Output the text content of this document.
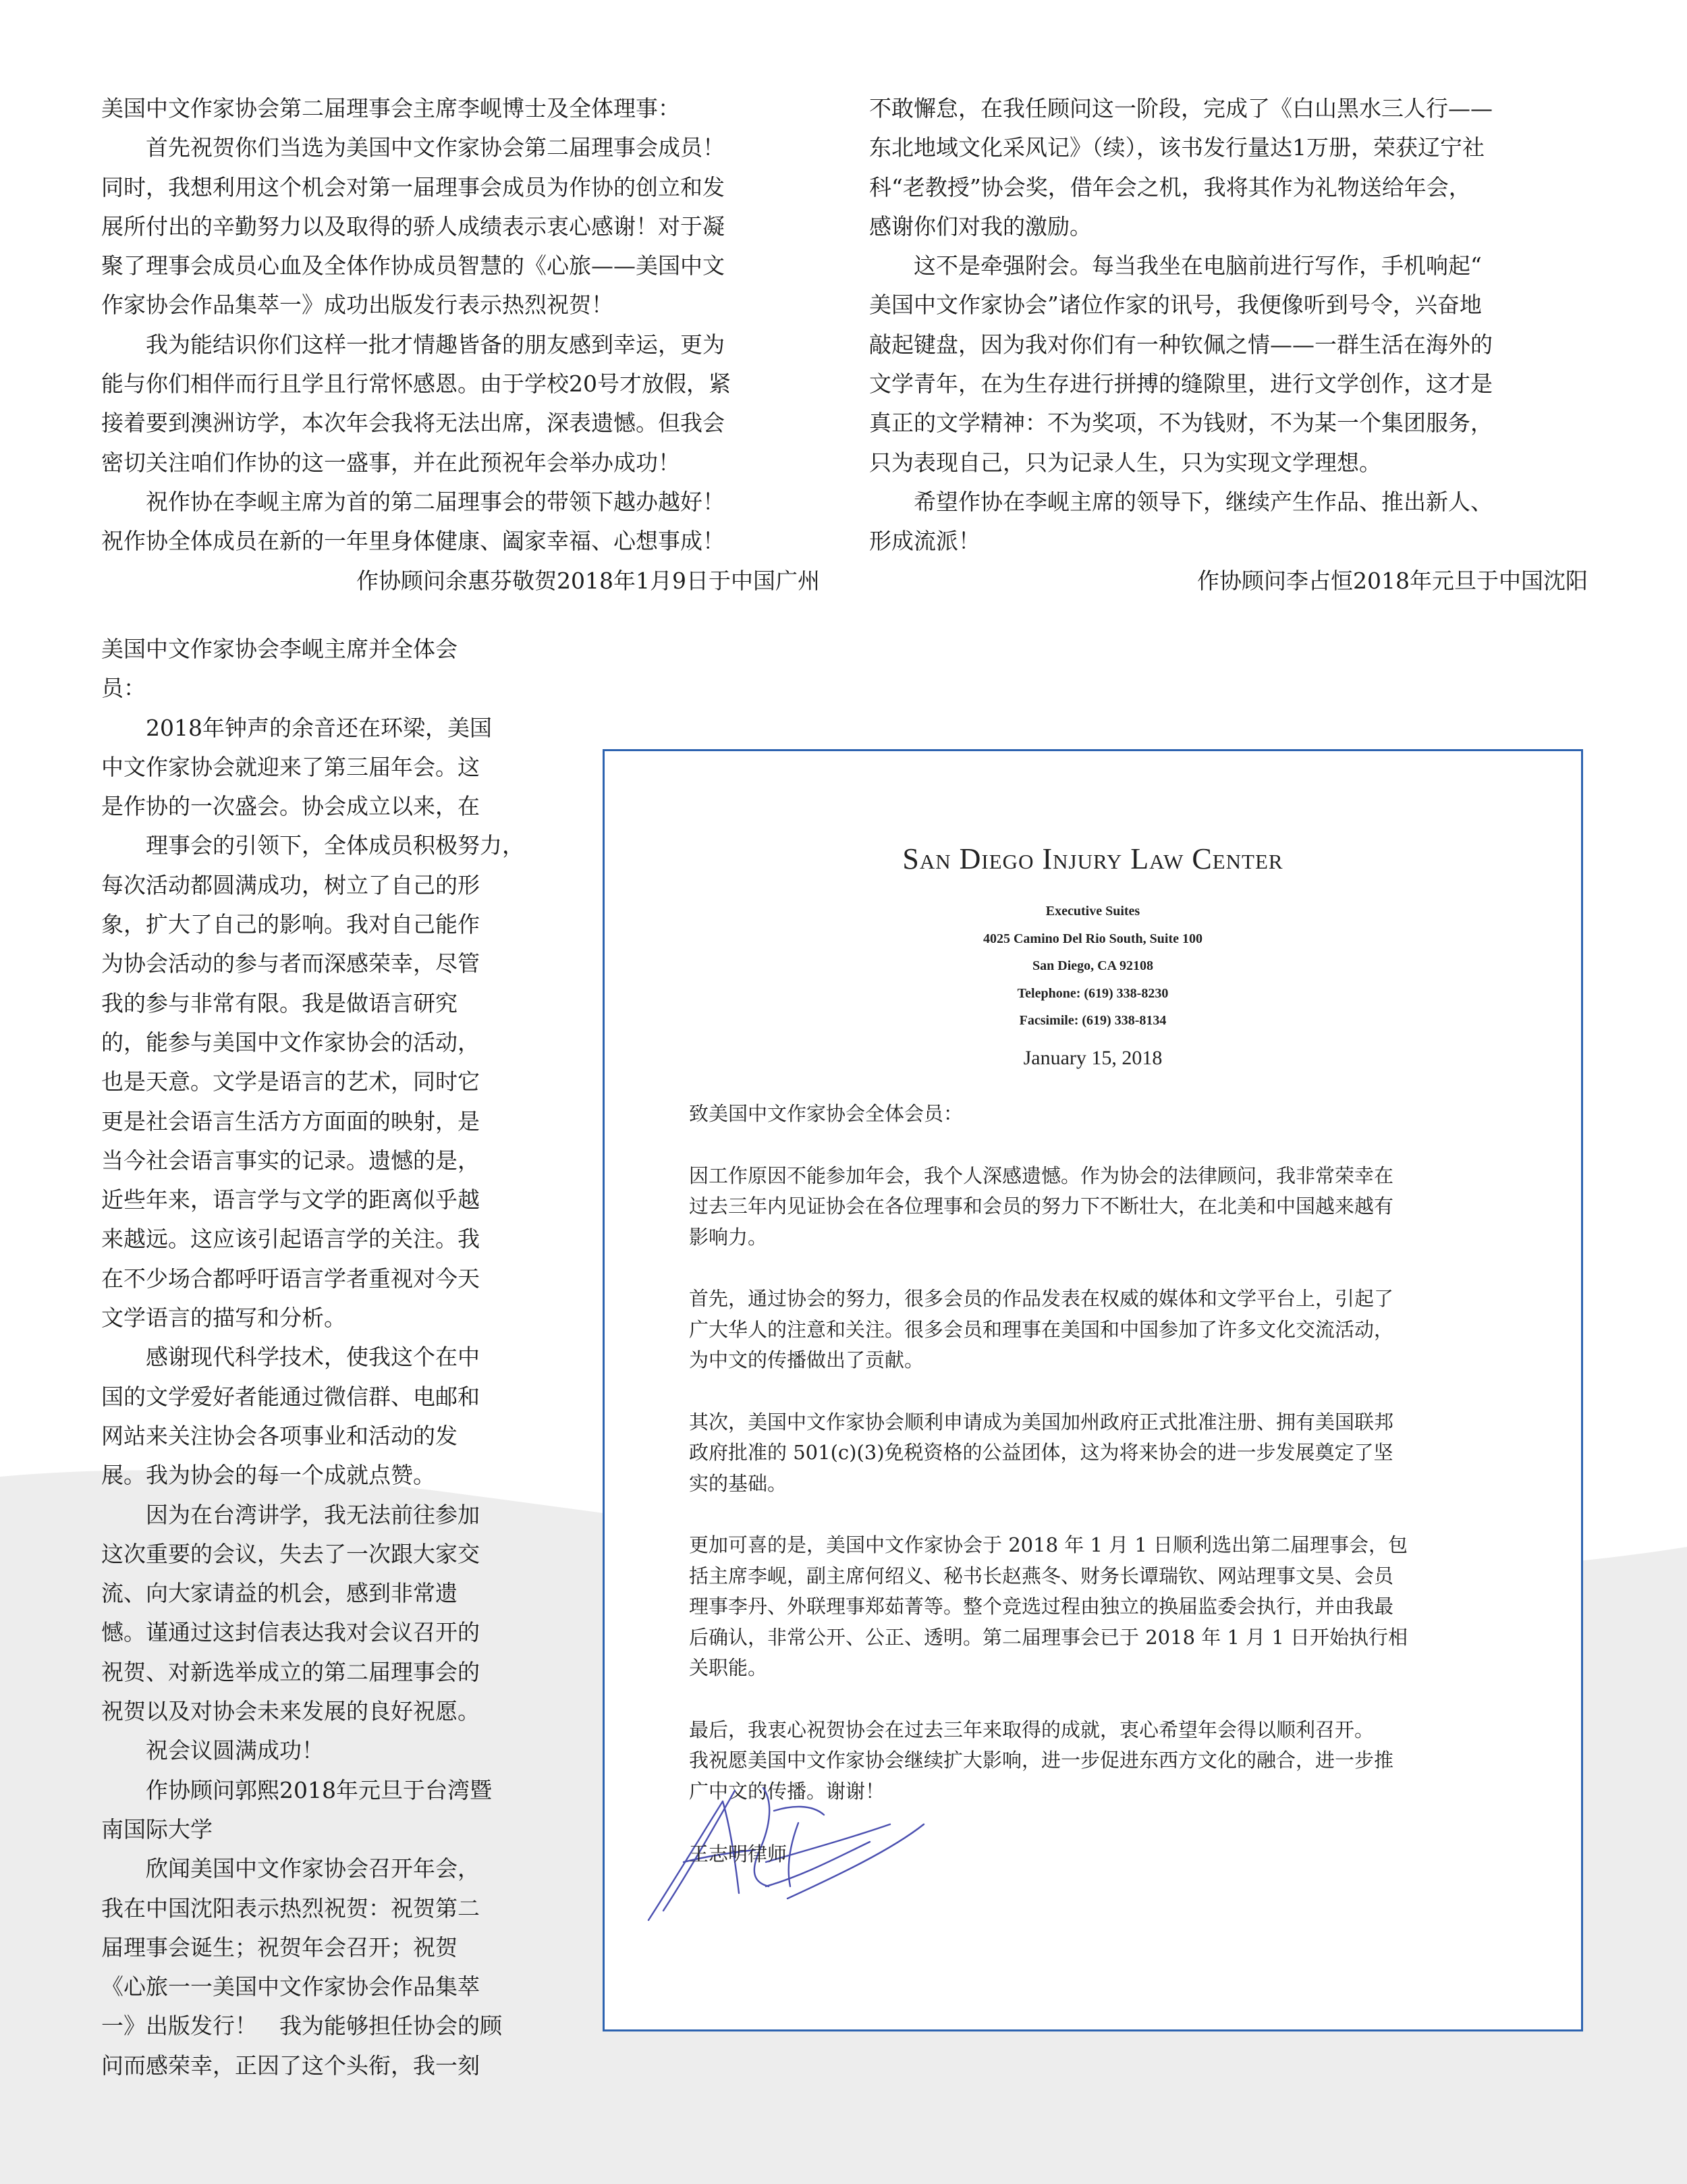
美国中文作家协会第二届理事会主席李岘博士及全体理事：

首先祝贺你们当选为美国中文作家协会第二届理事会成员！

同时，我想利用这个机会对第一届理事会成员为作协的创立和发

展所付出的辛勤努力以及取得的骄人成绩表示衷心感谢！对于凝

聚了理事会成员心血及全体作协成员智慧的《心旅——美国中文

作家协会作品集萃一》成功出版发行表示热烈祝贺！

我为能结识你们这样一批才情趣皆备的朋友感到幸运，更为

能与你们相伴而行且学且行常怀感恩。由于学校20号才放假，紧

接着要到澳洲访学，本次年会我将无法出席，深表遗憾。但我会

密切关注咱们作协的这一盛事，并在此预祝年会举办成功！

祝作协在李岘主席为首的第二届理事会的带领下越办越好！

祝作协全体成员在新的一年里身体健康、阖家幸福、心想事成！

作协顾问余惠芬敬贺2018年1月9日于中国广州

不敢懈怠，在我任顾问这一阶段，完成了《白山黑水三人行——

东北地域文化采风记》（续），该书发行量达1万册，荣获辽宁社

科“老教授”协会奖，借年会之机，我将其作为礼物送给年会，

感谢你们对我的激励。

这不是牵强附会。每当我坐在电脑前进行写作，手机响起“

美国中文作家协会”诸位作家的讯号，我便像听到号令，兴奋地

敲起键盘，因为我对你们有一种钦佩之情——一群生活在海外的

文学青年，在为生存进行拼搏的缝隙里，进行文学创作，这才是

真正的文学精神：不为奖项，不为钱财，不为某一个集团服务，

只为表现自己，只为记录人生，只为实现文学理想。

希望作协在李岘主席的领导下，继续产生作品、推出新人、

形成流派！

作协顾问李占恒2018年元旦于中国沈阳

美国中文作家协会李岘主席并全体会

员：

2018年钟声的余音还在环梁，美国

中文作家协会就迎来了第三届年会。这

是作协的一次盛会。协会成立以来，在

理事会的引领下，全体成员积极努力，

每次活动都圆满成功，树立了自己的形

象，扩大了自己的影响。我对自己能作

为协会活动的参与者而深感荣幸，尽管

我的参与非常有限。我是做语言研究

的，能参与美国中文作家协会的活动，

也是天意。文学是语言的艺术，同时它

更是社会语言生活方方面面的映射，是

当今社会语言事实的记录。遗憾的是，

近些年来，语言学与文学的距离似乎越

来越远。这应该引起语言学的关注。我

在不少场合都呼吁语言学者重视对今天

文学语言的描写和分析。

感谢现代科学技术，使我这个在中

国的文学爱好者能通过微信群、电邮和

网站来关注协会各项事业和活动的发

展。我为协会的每一个成就点赞。

因为在台湾讲学，我无法前往参加

这次重要的会议，失去了一次跟大家交

流、向大家请益的机会，感到非常遗

憾。谨通过这封信表达我对会议召开的

祝贺、对新选举成立的第二届理事会的

祝贺以及对协会未来发展的良好祝愿。

祝会议圆满成功！

作协顾问郭熙2018年元旦于台湾暨

南国际大学

欣闻美国中文作家协会召开年会，

我在中国沈阳表示热烈祝贺：祝贺第二

届理事会诞生；祝贺年会召开；祝贺

《心旅一一美国中文作家协会作品集萃

一》出版发行！　我为能够担任协会的顾

问而感荣幸，正因了这个头衔，我一刻

San Diego Injury Law Center
Executive Suites
4025 Camino Del Rio South, Suite 100
San Diego, CA 92108
Telephone: (619) 338-8230
Facsimile: (619) 338-8134
January 15, 2018

致美国中文作家协会全体会员：

因工作原因不能参加年会，我个人深感遗憾。作为协会的法律顾问，我非常荣幸在

过去三年内见证协会在各位理事和会员的努力下不断壮大，在北美和中国越来越有

影响力。

首先，通过协会的努力，很多会员的作品发表在权威的媒体和文学平台上，引起了

广大华人的注意和关注。很多会员和理事在美国和中国参加了许多文化交流活动，

为中文的传播做出了贡献。

其次，美国中文作家协会顺利申请成为美国加州政府正式批准注册、拥有美国联邦

政府批准的 501(c)(3)免税资格的公益团体，这为将来协会的进一步发展奠定了坚

实的基础。

更加可喜的是，美国中文作家协会于 2018 年 1 月 1 日顺利选出第二届理事会，包

括主席李岘，副主席何绍义、秘书长赵燕冬、财务长谭瑞钦、网站理事文昊、会员

理事李丹、外联理事郑茹菁等。整个竞选过程由独立的换届监委会执行，并由我最

后确认，非常公开、公正、透明。第二届理事会已于 2018 年 1 月 1 日开始执行相

关职能。

最后，我衷心祝贺协会在过去三年来取得的成就，衷心希望年会得以顺利召开。

我祝愿美国中文作家协会继续扩大影响，进一步促进东西方文化的融合，进一步推

广中文的传播。谢谢！

王志明律师
